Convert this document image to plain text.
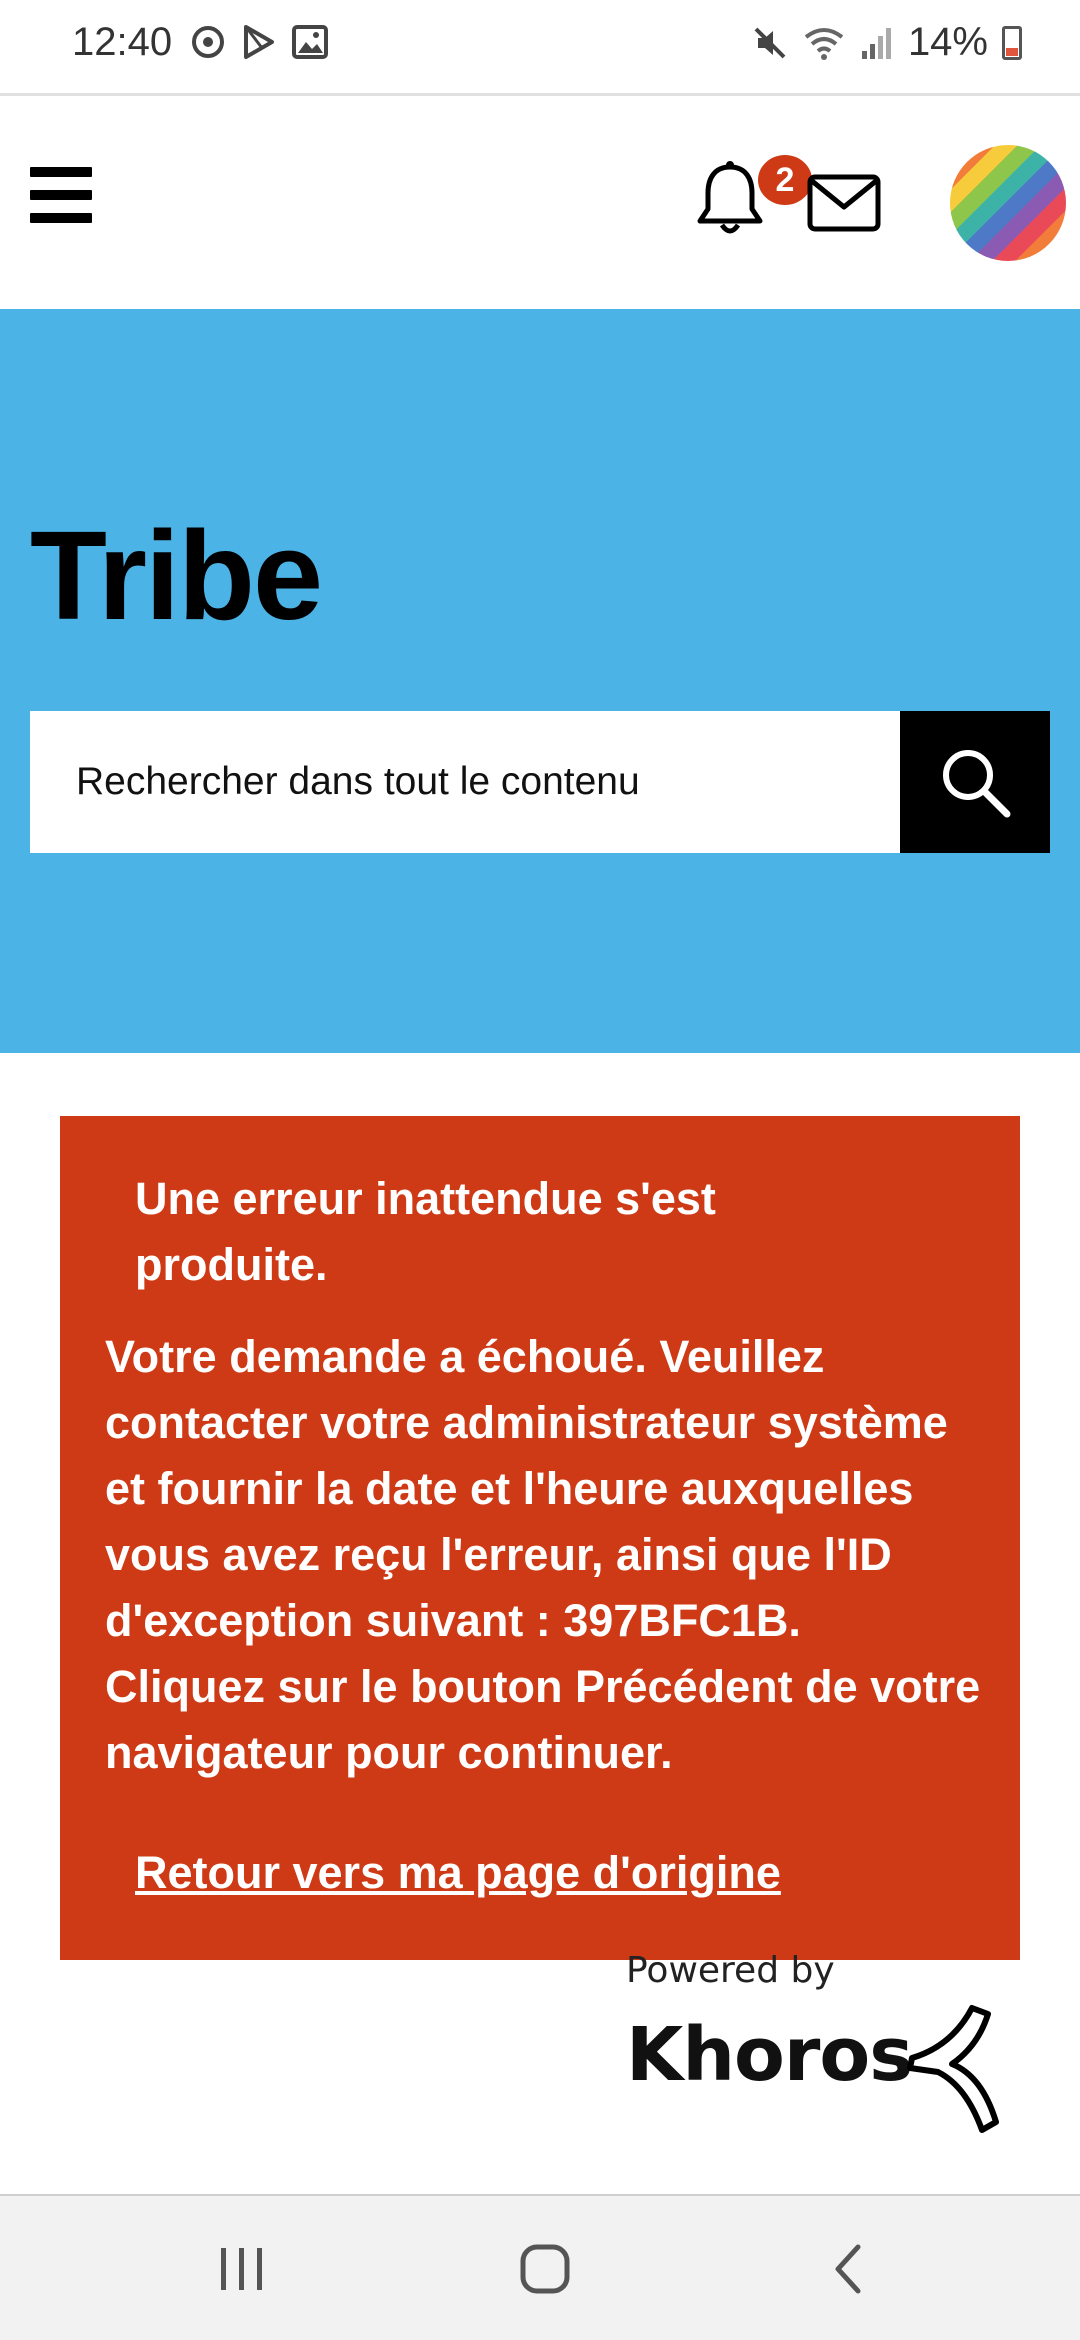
12:40	14%
2
Tribe
Rechercher dans tout le contenu
Une erreur inattendue s'est produite.
Votre demande a échoué. Veuillez contacter votre administrateur système et fournir la date et l'heure auxquelles vous avez reçu l'erreur, ainsi que l'ID d'exception suivant : 397BFC1B.
Cliquez sur le bouton Précédent de votre navigateur pour continuer.
Retour vers ma page d'origine
Powered by
Khoros
